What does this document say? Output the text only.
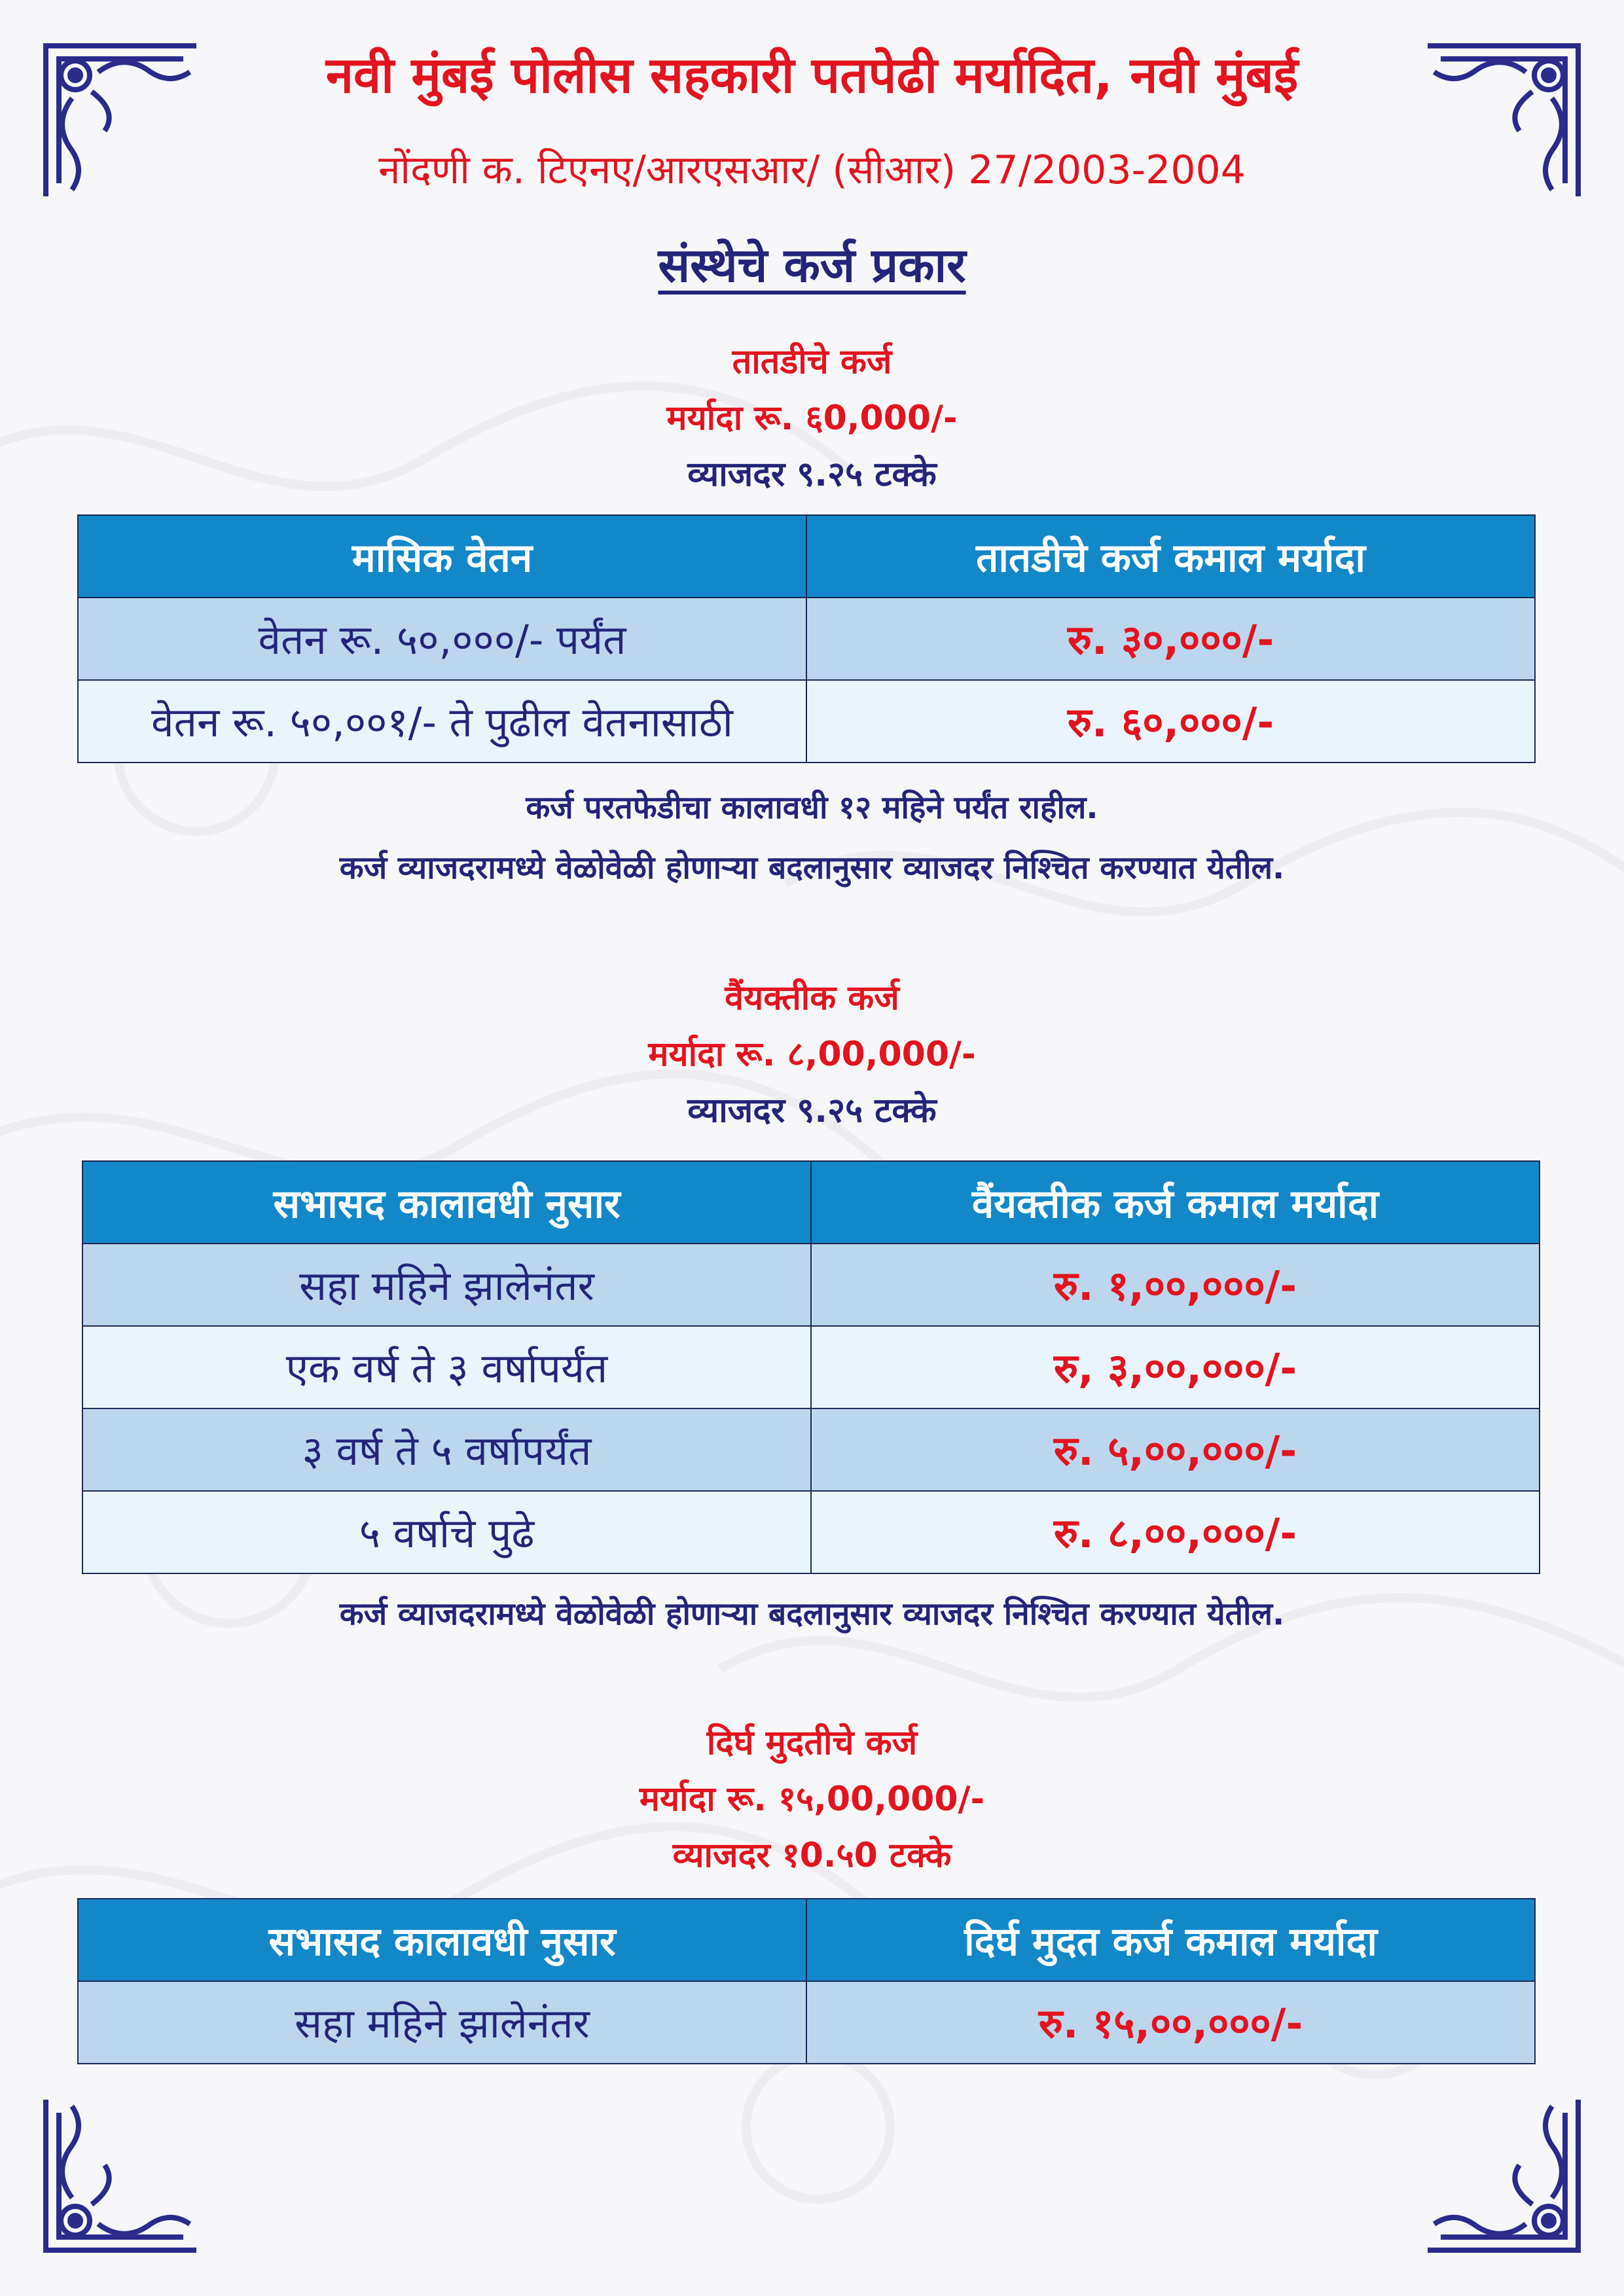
नवी मुंबई पोलीस सहकारी पतपेढी मर्यादित, नवी मुंबई
नोंदणी क. टिएनए/आरएसआर/ (सीआर) 27/2003-2004
संस्थेचे कर्ज प्रकार
तातडीचे कर्ज
मर्यादा रू. ६0,000/-
व्याजदर ९.२५ टक्के
मासिक वेतन	तातडीचे कर्ज कमाल मर्यादा
वेतन रू. ५०,०००/- पर्यंत	रु. ३०,०००/-
वेतन रू. ५०,००१/- ते पुढील वेतनासाठी	रु. ६०,०००/-
कर्ज परतफेडीचा कालावधी १२ महिने पर्यंत राहील.
कर्ज व्याजदरामध्ये वेळोवेळी होणाऱ्या बदलानुसार व्याजदर निश्चित करण्यात येतील.
वैंयक्तीक कर्ज
मर्यादा रू. ८,00,000/-
व्याजदर ९.२५ टक्के
सभासद कालावधी नुसार	वैंयक्तीक कर्ज कमाल मर्यादा
सहा महिने झालेनंतर	रु. १,००,०००/-
एक वर्ष ते ३ वर्षापर्यंत	रु, ३,००,०००/-
३ वर्ष ते ५ वर्षापर्यंत	रु. ५,००,०००/-
५ वर्षाचे पुढे	रु. ८,००,०००/-
कर्ज व्याजदरामध्ये वेळोवेळी होणाऱ्या बदलानुसार व्याजदर निश्चित करण्यात येतील.
दिर्घ मुदतीचे कर्ज
मर्यादा रू. १५,00,000/-
व्याजदर १0.५0 टक्के
सभासद कालावधी नुसार	दिर्घ मुदत कर्ज कमाल मर्यादा
सहा महिने झालेनंतर	रु. १५,००,०००/-
